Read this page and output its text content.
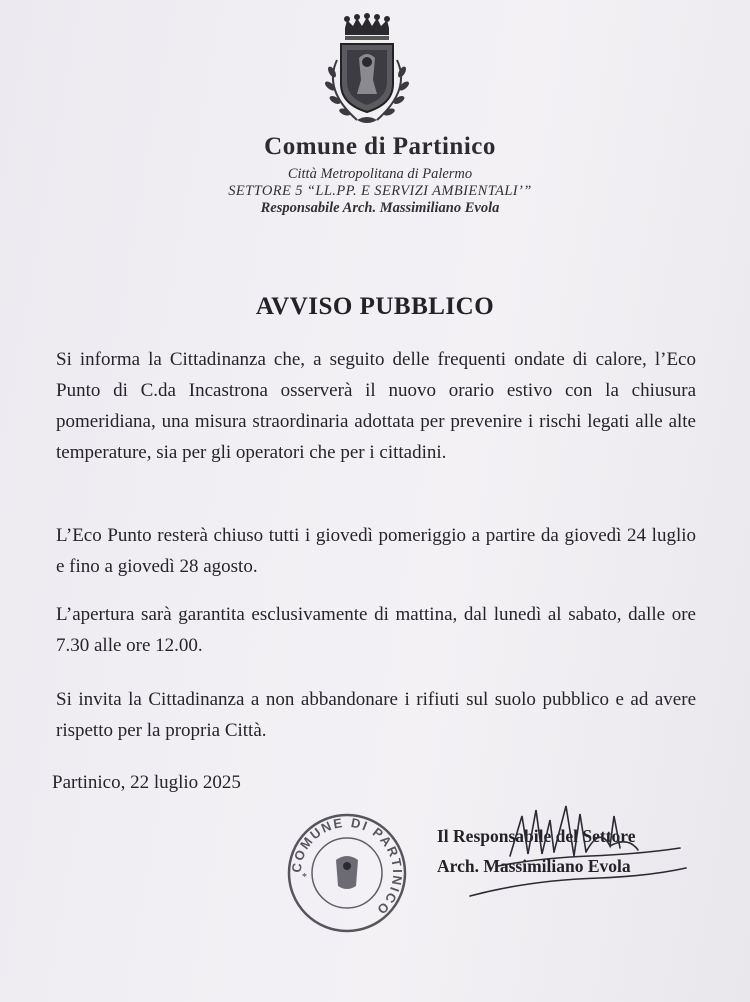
Comune di Partinico
Città Metropolitana di Palermo
SETTORE 5 “LL.PP. E SERVIZI AMBIENTALI’”
Responsabile Arch. Massimiliano Evola
AVVISO PUBBLICO
Si informa la Cittadinanza che, a seguito delle frequenti ondate di calore, l’Eco Punto di C.da Incastrona osserverà il nuovo orario estivo con la chiusura pomeridiana, una misura straordinaria adottata per prevenire i rischi legati alle alte temperature, sia per gli operatori che per i cittadini.
L’Eco Punto resterà chiuso tutti i giovedì pomeriggio a partire da giovedì 24 luglio e fino a giovedì 28 agosto.
L’apertura sarà garantita esclusivamente di mattina, dal lunedì al sabato, dalle ore 7.30 alle ore 12.00.
Si invita la Cittadinanza a non abbandonare i rifiuti sul suolo pubblico e ad avere rispetto per la propria Città.
Partinico, 22 luglio 2025
COMUNE DI PARTINICO
*
Il Responsabile del Settore
Arch. Massimiliano Evola
